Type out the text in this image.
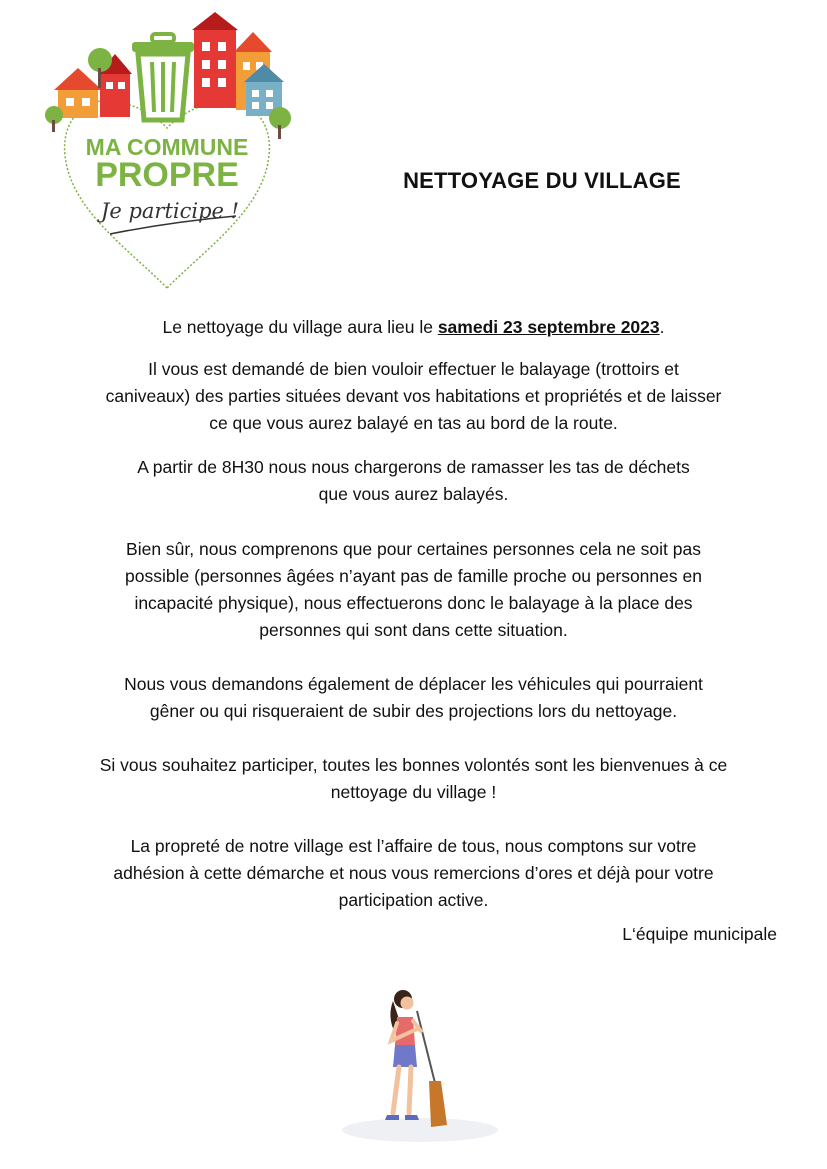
MA COMMUNE
PROPRE
Je participe !
NETTOYAGE DU VILLAGE

Le nettoyage du village aura lieu le samedi 23 septembre 2023.

Il vous est demandé de bien vouloir effectuer le balayage (trottoirs et
caniveaux) des parties situées devant vos habitations et propriétés et de laisser
ce que vous aurez balayé en tas au bord de la route.

A partir de 8H30 nous nous chargerons de ramasser les tas de déchets
que vous aurez balayés.

Bien sûr, nous comprenons que pour certaines personnes cela ne soit pas
possible (personnes âgées n’ayant pas de famille proche ou personnes en
incapacité physique), nous effectuerons donc le balayage à la place des
personnes qui sont dans cette situation.

Nous vous demandons également de déplacer les véhicules qui pourraient
gêner ou qui risqueraient de subir des projections lors du nettoyage.

Si vous souhaitez participer, toutes les bonnes volontés sont les bienvenues à ce
nettoyage du village !

La propreté de notre village est l’affaire de tous, nous comptons sur votre
adhésion à cette démarche et nous vous remercions d’ores et déjà pour votre
participation active.

L‘équipe municipale
